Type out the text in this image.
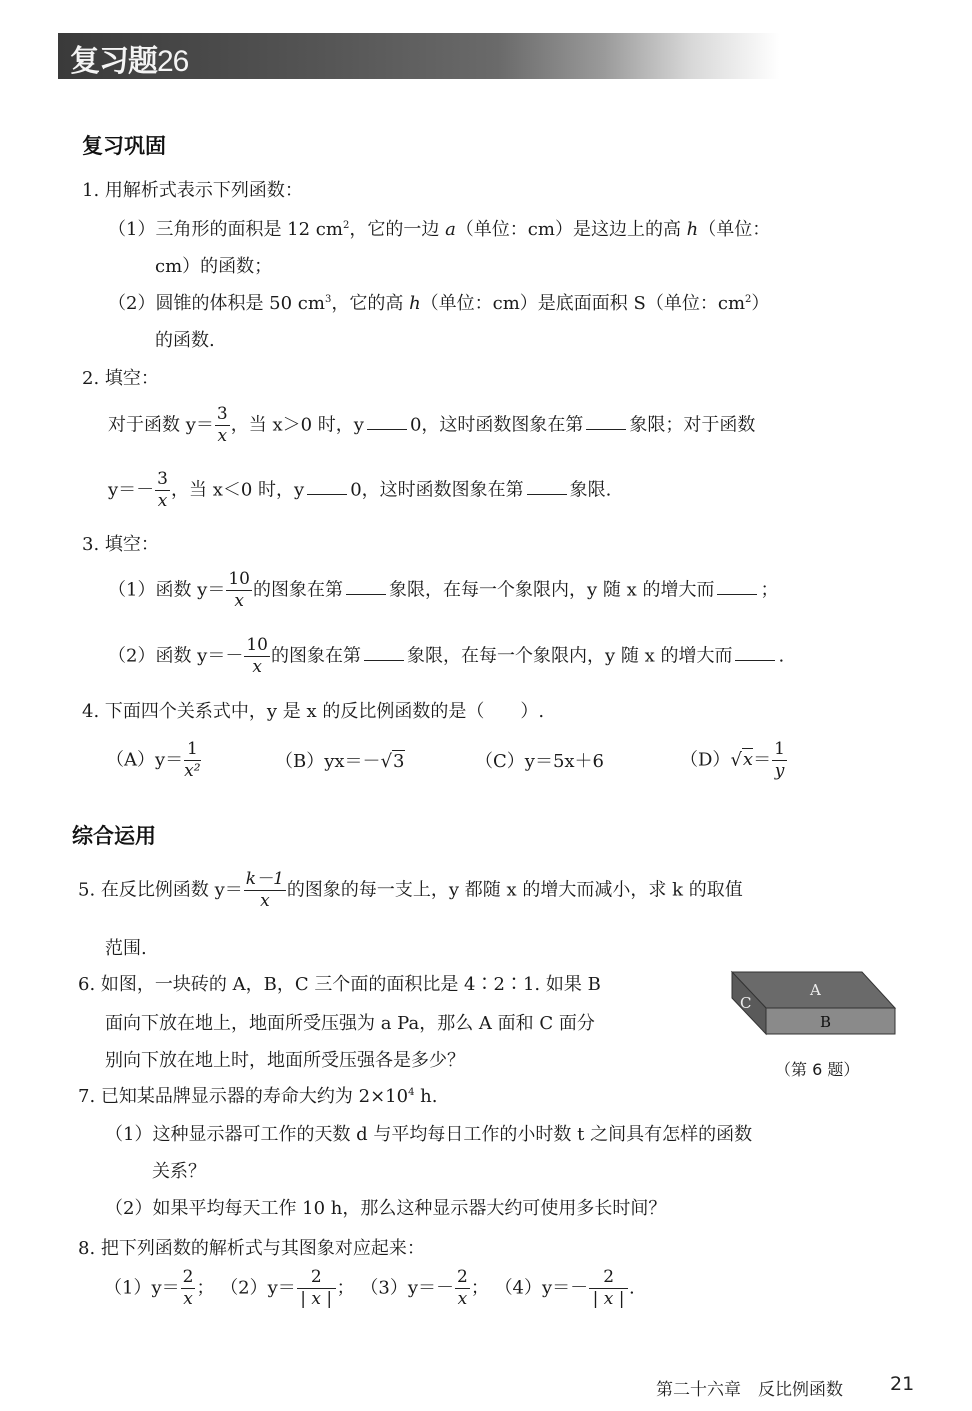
复习题26
复习巩固
1. 用解析式表示下列函数：
（1）三角形的面积是 12 $cm^2$，它的一边 a（单位：cm）是这边上的高 h（单位：
cm）的函数；
（2）圆锥的体积是 50 $cm^3$，它的高 h（单位：cm）是底面面积 S（单位：$cm^2$）
的函数.
2. 填空：
对于函数 $y= \frac{3}{x}$ ，当 x＞0 时，y	0，这时函数图象在第	象限；对于函数
$y=- \frac{3}{x}$ ，当 x＜0 时，y	0，这时函数图象在第	象限.
3. 填空：
（1）函数 $y= \frac{10}{x}$ 的图象在第	象限，在每一个象限内，y 随 x 的增大而	；
（2）函数 $y=- \frac{10}{x}$ 的图象在第	象限，在每一个象限内，y 随 x 的增大而	.
4. 下面四个关系式中，y 是 x 的反比例函数的是（　　）.
$(A)y= \frac{1}{\text{x²}}$	（B）yx＝－√3	（C）y＝5x＋6	$(D)√x= \frac{1}{y}$
综合运用
5. 在反比例函数 $y= \frac{k-1}{x}$ 的图象的每一支上，y 都随 x 的增大而减小，求 k 的取值
范围.
6. 如图，一块砖的 A，B，C 三个面的面积比是 4∶2∶1. 如果 B
面向下放在地上，地面所受压强为 a Pa，那么 A 面和 C 面分
别向下放在地上时，地面所受压强各是多少？
A
B
C
（第 6 题）
7. 已知某品牌显示器的寿命大约为 $2\times 10^4$ h.
（1）这种显示器可工作的天数 d 与平均每日工作的小时数 t 之间具有怎样的函数
关系？
（2）如果平均每天工作 10 h，那么这种显示器大约可使用多长时间？
8. 把下列函数的解析式与其图象对应起来：
$(1)y= \frac{2}{x}$ ； $(2)y= \frac{2}{| x |}$ ； $(3)y=- \frac{2}{x}$ ； $(4)y=- \frac{2}{| x |}$ .
第二十六章　反比例函数 21
